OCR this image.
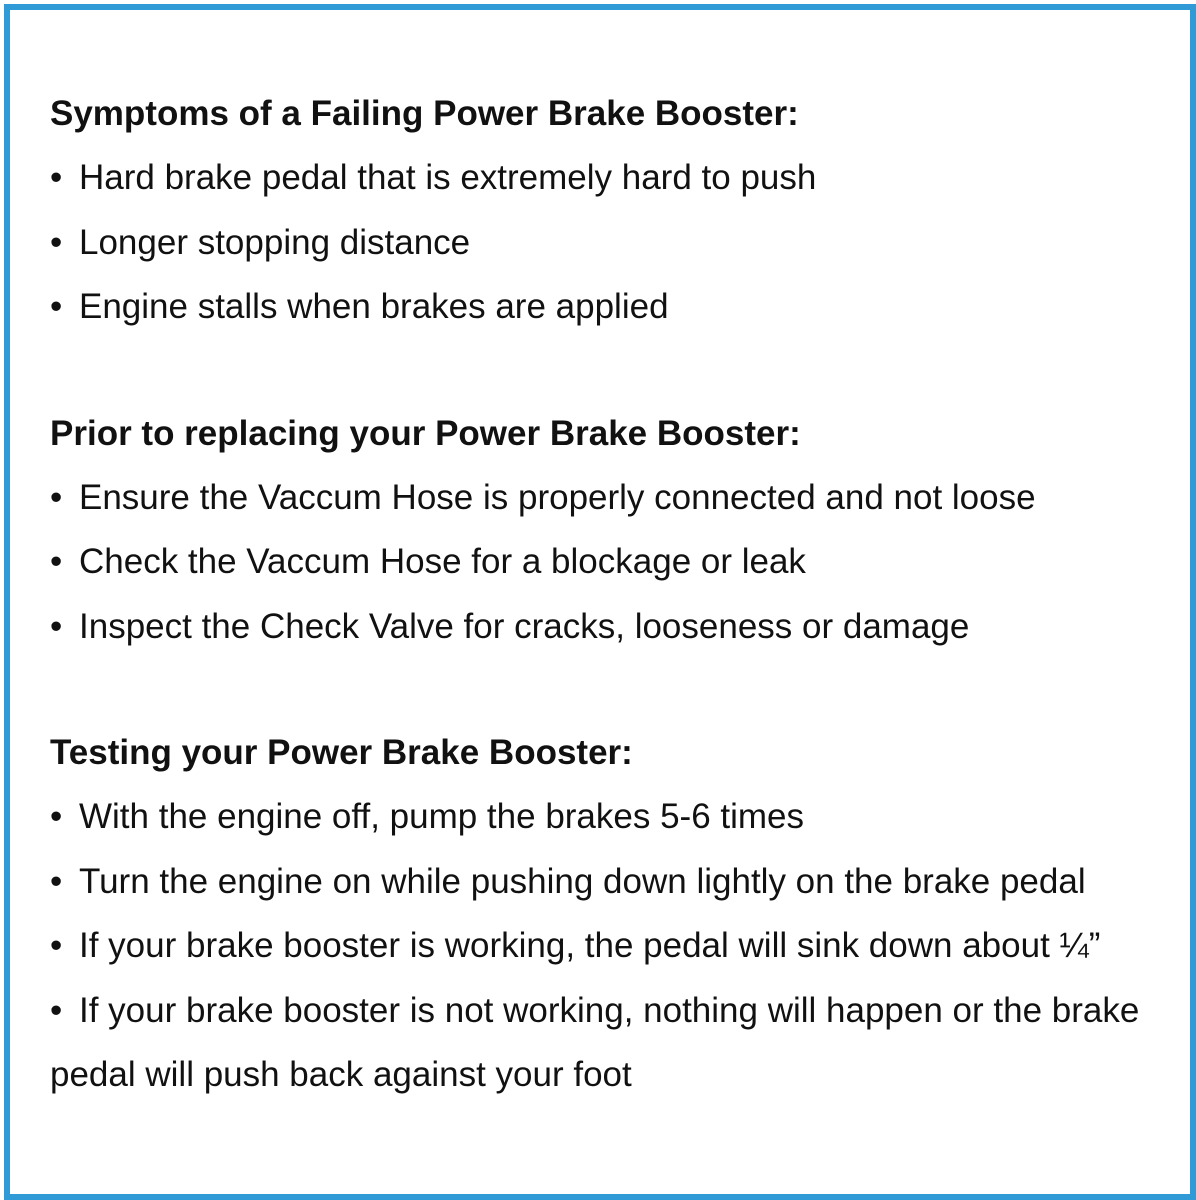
Symptoms of a Failing Power Brake Booster:
• Hard brake pedal that is extremely hard to push
• Longer stopping distance
• Engine stalls when brakes are applied
Prior to replacing your Power Brake Booster:
• Ensure the Vaccum Hose is properly connected and not loose
• Check the Vaccum Hose for a blockage or leak
• Inspect the Check Valve for cracks, looseness or damage
Testing your Power Brake Booster:
• With the engine off, pump the brakes 5-6 times
• Turn the engine on while pushing down lightly on the brake pedal
• If your brake booster is working, the pedal will sink down about ¼”
• If your brake booster is not working, nothing will happen or the brake pedal will push back against your foot
